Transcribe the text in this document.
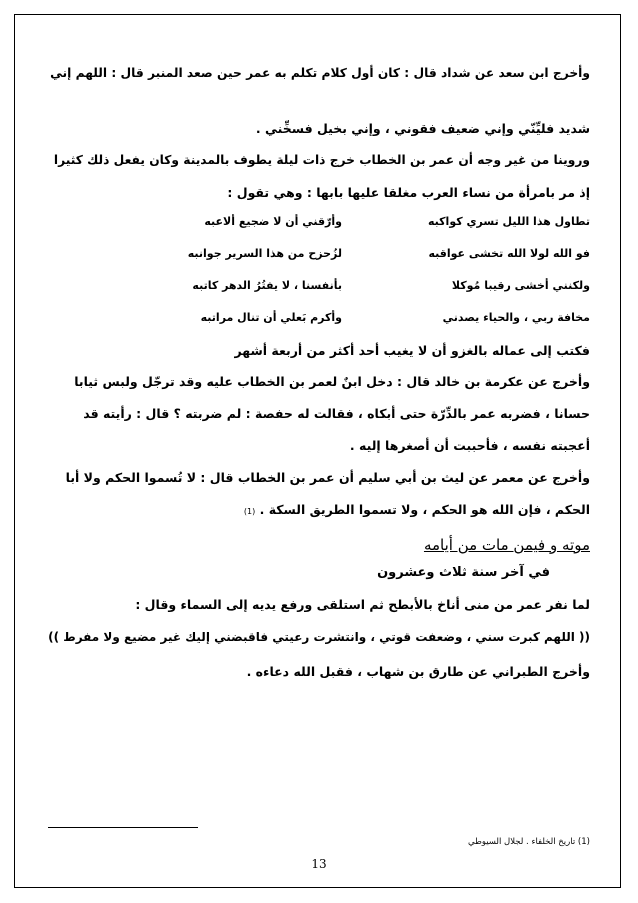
وأخرج ابن سعد عن شداد قال : كان أول كلام تكلم به عمر حين صعد المنبر قال : اللهم إني
شديد فليِّنّي وإني ضعيف فقوني ، وإني بخيل فسخِّني .
وروينا من غير وجه أن عمر بن الخطاب خرج ذات ليلة يطوف بالمدينة وكان يفعل ذلك كثيرا
إذ مر بامرأة من نساء العرب مغلقا عليها بابها : وهي تقول :
تطاول هذا الليل تسري كواكبه
وأرّقني أن لا ضجيع ألاعبه
فو الله لولا الله تخشى عواقبه
لزُحزح من هذا السرير جوانبه
ولكنني أخشى رقيبا مُوكلا
بأنفسنا ، لا يفتُرُ الدهر كاتبه
مخافة ربي ، والحياء يصدني
وأكرم بَعلي أن تنال مراتبه
فكتب إلى عماله بالغزو أن لا يغيب أحد أكثر من أربعة أشهر
وأخرج عن عكرمة بن خالد قال : دخل ابنٌ لعمر بن الخطاب عليه وقد ترجّل ولبس ثيابا
حسانا ، فضربه عمر بالدِّرّة حتى أبكاه ، فقالت له حفصة : لم ضربته ؟ قال : رأيته قد
أعجبته نفسه ، فأحببت أن أصغرها إليه .
وأخرج عن معمر عن ليث بن أبي سليم أن عمر بن الخطاب قال : لا تُسموا الحكم ولا أبا
الحكم ، فإن الله هو الحكم ، ولا تسموا الطريق السكة . (1)
موته و فيمن مات من أيامه
في آخر سنة ثلاث وعشرون
لما نفر عمر من منى أناخ بالأبطح ثم استلقى ورفع يديه إلى السماء وقال :
(( اللهم كبرت سني ، وضعفت قوتي ، وانتشرت رعيتي فاقبضني إليك غير مضيع ولا مفرط ))
وأخرج الطبراني عن طارق بن شهاب ، فقبل الله دعاءه .
(1) تاريخ الخلفاء . لجلال السيوطي
13
